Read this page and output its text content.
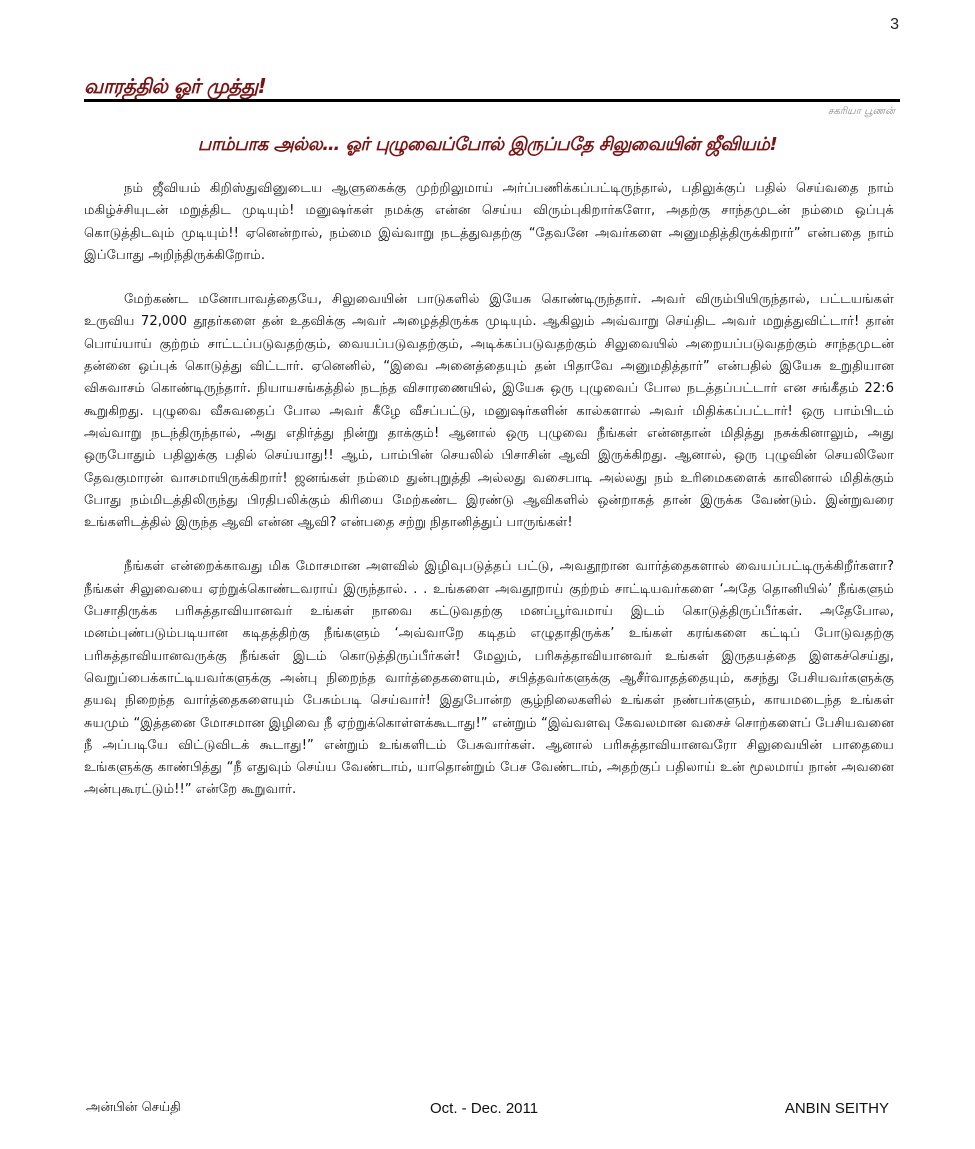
3
வாரத்தில் ஓர் முத்து!
சகரியா பூணன்
பாம்பாக அல்ல… ஓர் புழுவைப்போல் இருப்பதே சிலுவையின் ஜீவியம்!

நம் ஜீவியம் கிறிஸ்துவினுடைய ஆளுகைக்கு முற்றிலுமாய் அர்ப்பணிக்கப்பட்டிருந்தால், பதிலுக்குப் பதில் செய்வதை நாம் மகிழ்ச்சியுடன் மறுத்திட முடியும்! மனுஷர்கள் நமக்கு என்ன செய்ய விரும்புகிறார்களோ, அதற்கு சாந்தமுடன் நம்மை ஒப்புக் கொடுத்திடவும் முடியும்!! ஏனென்றால், நம்மை இவ்வாறு நடத்துவதற்கு “தேவனே அவர்களை அனுமதித்திருக்கிறார்” என்பதை நாம் இப்போது அறிந்திருக்கிறோம்.

மேற்கண்ட மனோபாவத்தையே, சிலுவையின் பாடுகளில் இயேசு கொண்டிருந்தார். அவர் விரும்பியிருந்தால், பட்டயங்கள் உருவிய 72,000 தூதர்களை தன் உதவிக்கு அவர் அழைத்திருக்க முடியும். ஆகிலும் அவ்வாறு செய்திட அவர் மறுத்துவிட்டார்! தான் பொய்யாய் குற்றம் சாட்டப்படுவதற்கும், வையப்படுவதற்கும், அடிக்கப்படுவதற்கும் சிலுவையில் அறையப்படுவதற்கும் சாந்தமுடன் தன்னை ஒப்புக் கொடுத்து விட்டார். ஏனெனில், “இவை அனைத்தையும் தன் பிதாவே அனுமதித்தார்” என்பதில் இயேசு உறுதியான விசுவாசம் கொண்டிருந்தார். நியாயசங்கத்தில் நடந்த விசாரணையில், இயேசு ஒரு புழுவைப் போல நடத்தப்பட்டார் என சங்கீதம் 22:6 கூறுகிறது. புழுவை வீசுவதைப் போல அவர் கீழே வீசப்பட்டு, மனுஷர்களின் கால்களால் அவர் மிதிக்கப்பட்டார்! ஒரு பாம்பிடம் அவ்வாறு நடந்திருந்தால், அது எதிர்த்து நின்று தாக்கும்! ஆனால் ஒரு புழுவை நீங்கள் என்னதான் மிதித்து நசுக்கினாலும், அது ஒருபோதும் பதிலுக்கு பதில் செய்யாது!! ஆம், பாம்பின் செயலில் பிசாசின் ஆவி இருக்கிறது. ஆனால், ஒரு புழுவின் செயலிலோ தேவகுமாரன் வாசமாயிருக்கிறார்! ஜனங்கள் நம்மை துன்புறுத்தி அல்லது வசைபாடி அல்லது நம் உரிமைகளைக் காலினால் மிதிக்கும் போது நம்மிடத்திலிருந்து பிரதிபலிக்கும் கிரியை மேற்கண்ட இரண்டு ஆவிகளில் ஒன்றாகத் தான் இருக்க வேண்டும். இன்றுவரை உங்களிடத்தில் இருந்த ஆவி என்ன ஆவி? என்பதை சற்று நிதானித்துப் பாருங்கள்!

நீங்கள் என்றைக்காவது மிக மோசமான அளவில் இழிவுபடுத்தப் பட்டு, அவதூறான வார்த்தைகளால் வையப்பட்டிருக்கிறீர்களா? நீங்கள் சிலுவையை ஏற்றுக்கொண்டவராய் இருந்தால். . . உங்களை அவதூறாய் குற்றம் சாட்டியவர்களை ‘அதே தொனியில்’ நீங்களும் பேசாதிருக்க பரிசுத்தாவியானவர் உங்கள் நாவை கட்டுவதற்கு மனப்பூர்வமாய் இடம் கொடுத்திருப்பீர்கள். அதேபோல, மனம்புண்படும்படியான கடிதத்திற்கு நீங்களும் ‘அவ்வாறே கடிதம் எழுதாதிருக்க’ உங்கள் கரங்களை கட்டிப் போடுவதற்கு பரிசுத்தாவியானவருக்கு நீங்கள் இடம் கொடுத்திருப்பீர்கள்! மேலும், பரிசுத்தாவியானவர் உங்கள் இருதயத்தை இளகச்செய்து, வெறுப்பைக்காட்டியவர்களுக்கு அன்பு நிறைந்த வார்த்தைகளையும், சபித்தவர்களுக்கு ஆசீர்வாதத்தையும், கசந்து பேசியவர்களுக்கு தயவு நிறைந்த வார்த்தைகளையும் பேசும்படி செய்வார்! இதுபோன்ற சூழ்நிலைகளில் உங்கள் நண்பர்களும், காயமடைந்த உங்கள் சுயமும் “இத்தனை மோசமான இழிவை நீ ஏற்றுக்கொள்ளக்கூடாது!” என்றும் “இவ்வளவு கேவலமான வசைச் சொற்களைப் பேசியவனை நீ அப்படியே விட்டுவிடக் கூடாது!” என்றும் உங்களிடம் பேசுவார்கள். ஆனால் பரிசுத்தாவியானவரோ சிலுவையின் பாதையை உங்களுக்கு காண்பித்து “நீ எதுவும் செய்ய வேண்டாம், யாதொன்றும் பேச வேண்டாம், அதற்குப் பதிலாய் உன் மூலமாய் நான் அவனை அன்புகூரட்டும்!!” என்றே கூறுவார்.

அன்பின் செய்தி	Oct. - Dec. 2011	ANBIN SEITHY
